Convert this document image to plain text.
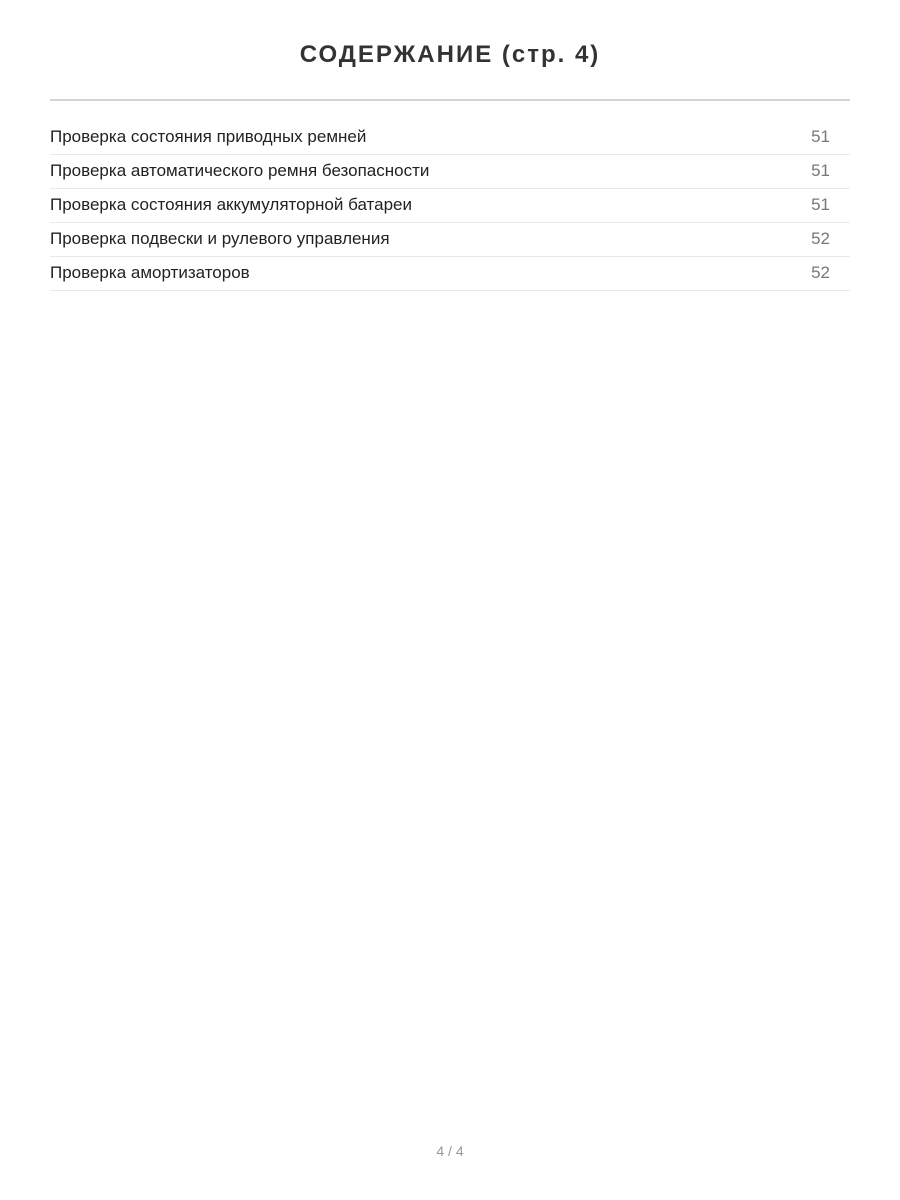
СОДЕРЖАНИЕ (стр. 4)
Проверка состояния приводных ремней	51
Проверка автоматического ремня безопасности	51
Проверка состояния аккумуляторной батареи	51
Проверка подвески и рулевого управления	52
Проверка амортизаторов	52
4 / 4
